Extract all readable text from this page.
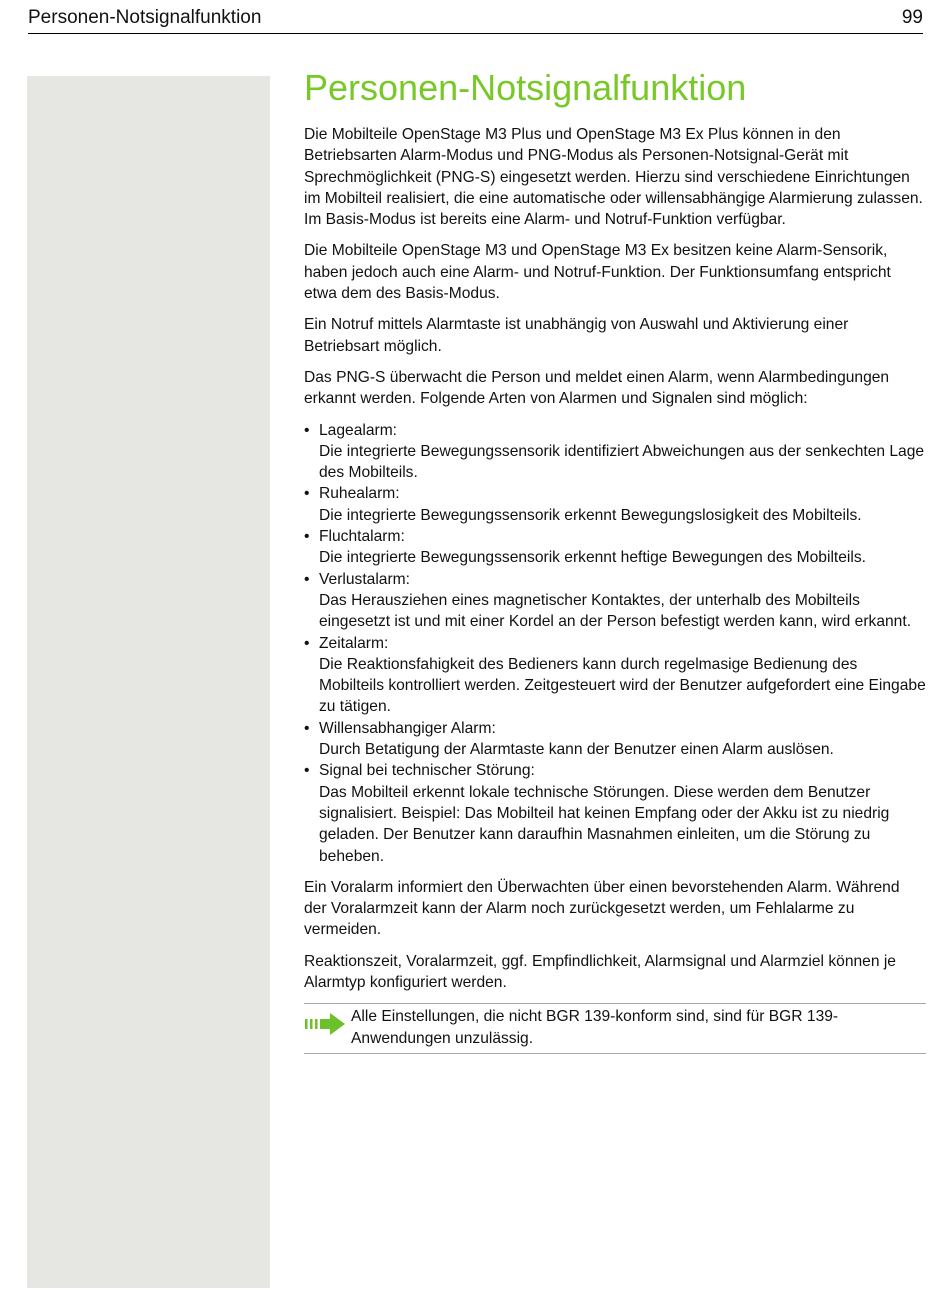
Personen-Notsignalfunktion	99
Personen-Notsignalfunktion

Die Mobilteile OpenStage M3 Plus und OpenStage M3 Ex Plus können in den Betriebsarten Alarm-Modus und PNG-Modus als Personen-Notsignal-Gerät mit Sprechmöglichkeit (PNG-S) eingesetzt werden. Hierzu sind verschiedene Einrichtungen im Mobilteil realisiert, die eine automatische oder willensabhängige Alarmierung zulassen. Im Basis-Modus ist bereits eine Alarm- und Notruf-Funktion verfügbar.

Die Mobilteile OpenStage M3 und OpenStage M3 Ex besitzen keine Alarm-Sensorik, haben jedoch auch eine Alarm- und Notruf-Funktion. Der Funktionsumfang entspricht etwa dem des Basis-Modus.

Ein Notruf mittels Alarmtaste ist unabhängig von Auswahl und Aktivierung einer Betriebsart möglich.

Das PNG-S überwacht die Person und meldet einen Alarm, wenn Alarmbedingungen erkannt werden. Folgende Arten von Alarmen und Signalen sind möglich:

• Lagealarm:
Die integrierte Bewegungssensorik identifiziert Abweichungen aus der senkechten Lage des Mobilteils.
• Ruhealarm:
Die integrierte Bewegungssensorik erkennt Bewegungslosigkeit des Mobilteils.
• Fluchtalarm:
Die integrierte Bewegungssensorik erkennt heftige Bewegungen des Mobilteils.
• Verlustalarm:
Das Herausziehen eines magnetischer Kontaktes, der unterhalb des Mobilteils eingesetzt ist und mit einer Kordel an der Person befestigt werden kann, wird erkannt.
• Zeitalarm:
Die Reaktionsfahigkeit des Bedieners kann durch regelmasige Bedienung des Mobilteils kontrolliert werden. Zeitgesteuert wird der Benutzer aufgefordert eine Eingabe zu tätigen.
• Willensabhangiger Alarm:
Durch Betatigung der Alarmtaste kann der Benutzer einen Alarm auslösen.
• Signal bei technischer Störung:
Das Mobilteil erkennt lokale technische Störungen. Diese werden dem Benutzer signalisiert. Beispiel: Das Mobilteil hat keinen Empfang oder der Akku ist zu niedrig geladen. Der Benutzer kann daraufhin Masnahmen einleiten, um die Störung zu beheben.

Ein Voralarm informiert den Überwachten über einen bevorstehenden Alarm. Während der Voralarmzeit kann der Alarm noch zurückgesetzt werden, um Fehlalarme zu vermeiden.

Reaktionszeit, Voralarmzeit, ggf. Empfindlichkeit, Alarmsignal und Alarmziel können je Alarmtyp konfiguriert werden.

Alle Einstellungen, die nicht BGR 139-konform sind, sind für BGR 139-Anwendungen unzulässig.
